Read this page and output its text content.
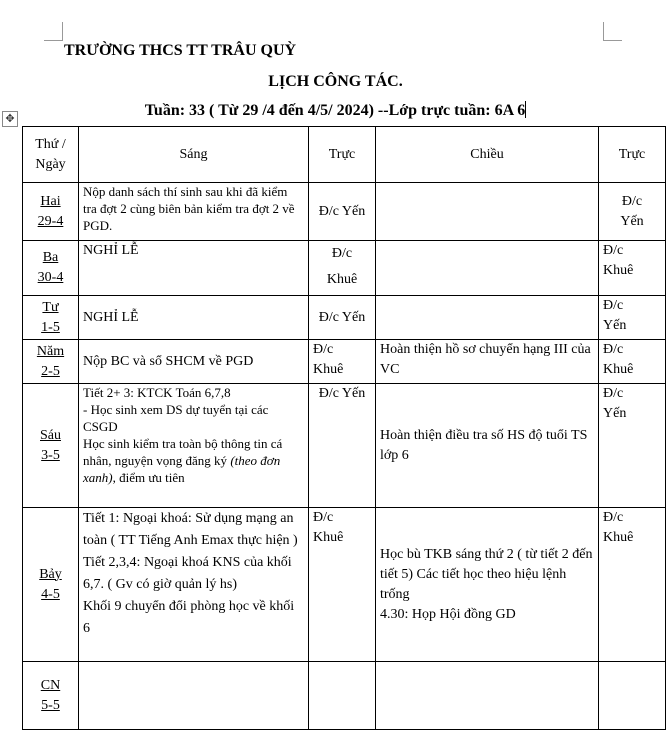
✥
TRƯỜNG THCS TT TRÂU QUỲ
LỊCH CÔNG TÁC.
Tuần: 33 ( Từ 29 /4 đến 4/5/ 2024) --Lớp trực tuần: 6A 6
Thứ /
Ngày	Sáng	Trực	Chiều	Trực

Hai
29-4	Nộp danh sách thí sinh sau khi đã kiểm tra đợt 2 cùng biên bản kiểm tra đợt 2 về PGD.	Đ/c Yến		Đ/c
Yến

Ba
30-4	NGHỈ LỄ	Đ/c
Khuê		Đ/c
Khuê

Tư
1-5	NGHỈ LỄ	Đ/c Yến		Đ/c
Yến

Năm
2-5	Nộp BC và sổ SHCM về PGD	Đ/c
Khuê	Hoàn thiện hồ sơ chuyển hạng III của VC	Đ/c
Khuê

Sáu
3-5	Tiết 2+ 3: KTCK Toán 6,7,8
- Học sinh xem DS dự tuyển tại các CSGD
Học sinh kiểm tra toàn bộ thông tin cá nhân, nguyện vọng đăng ký (theo đơn xanh), điểm ưu tiên	Đ/c Yến	Hoàn thiện điều tra số HS độ tuổi TS lớp 6	Đ/c
Yến

Bảy
4-5	Tiết 1: Ngoại khoá: Sử dụng mạng an toàn ( TT Tiếng Anh Emax thực hiện )
Tiết 2,3,4: Ngoại khoá KNS của khối 6,7. ( Gv có giờ quản lý hs)
Khối 9 chuyển đổi phòng học về khối 6	Đ/c
Khuê	Học bù TKB sáng thứ 2 ( từ tiết 2 đến tiết 5) Các tiết học theo hiệu lệnh trống
4.30: Họp Hội đồng GD	Đ/c
Khuê

CN
5-5				
